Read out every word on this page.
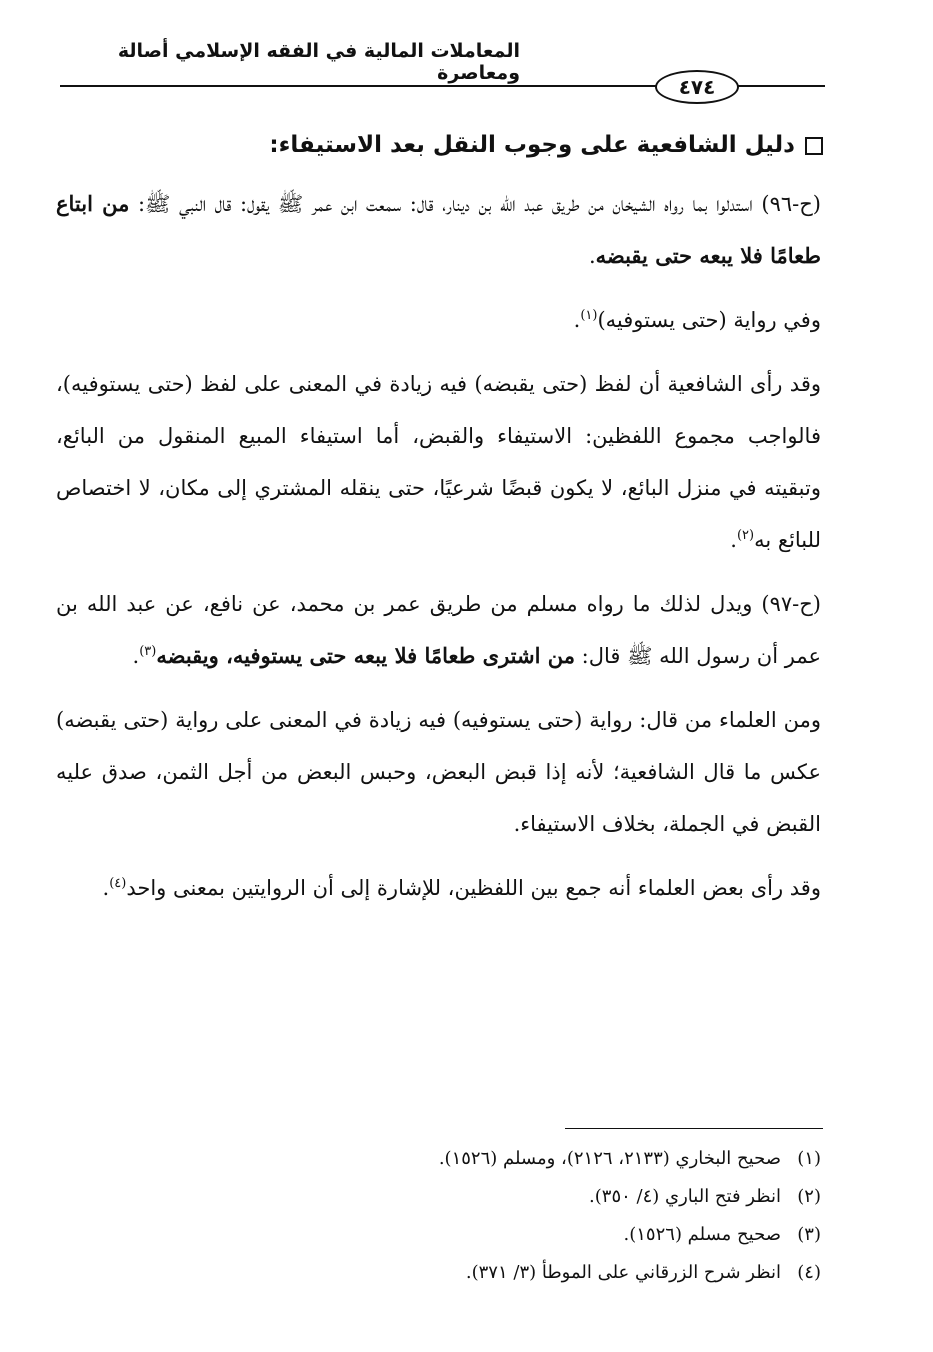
المعاملات المالية في الفقه الإسلامي أصالة ومعاصرة
٤٧٤
دليل الشافعية على وجوب النقل بعد الاستيفاء:

(ح-٩٦) استدلوا بما رواه الشيخان من طريق عبد الله بن دينار، قال: سمعت ابن عمر ﷺ يقول: قال النبي ﷺ: من ابتاع طعامًا فلا يبعه حتى يقبضه.

وفي رواية (حتى يستوفيه)$^{(١)}$.

وقد رأى الشافعية أن لفظ (حتى يقبضه) فيه زيادة في المعنى على لفظ (حتى يستوفيه)، فالواجب مجموع اللفظين: الاستيفاء والقبض، أما استيفاء المبيع المنقول من البائع، وتبقيته في منزل البائع، لا يكون قبضًا شرعيًا، حتى ينقله المشتري إلى مكان، لا اختصاص للبائع به$^{(٢)}$.

(ح-٩٧) ويدل لذلك ما رواه مسلم من طريق عمر بن محمد، عن نافع، عن عبد الله بن عمر أن رسول الله ﷺ قال: من اشترى طعامًا فلا يبعه حتى يستوفيه، ويقبضه$^{(٣)}$.

ومن العلماء من قال: رواية (حتى يستوفيه) فيه زيادة في المعنى على رواية (حتى يقبضه) عكس ما قال الشافعية؛ لأنه إذا قبض البعض، وحبس البعض من أجل الثمن، صدق عليه القبض في الجملة، بخلاف الاستيفاء.

وقد رأى بعض العلماء أنه جمع بين اللفظين، للإشارة إلى أن الروايتين بمعنى واحد$^{(٤)}$.

(١)صحيح البخاري (٢١٣٣، ٢١٢٦)، ومسلم (١٥٢٦).

(٢)انظر فتح الباري (٤/ ٣٥٠).

(٣)صحيح مسلم (١٥٢٦).

(٤)انظر شرح الزرقاني على الموطأ (٣/ ٣٧١).
